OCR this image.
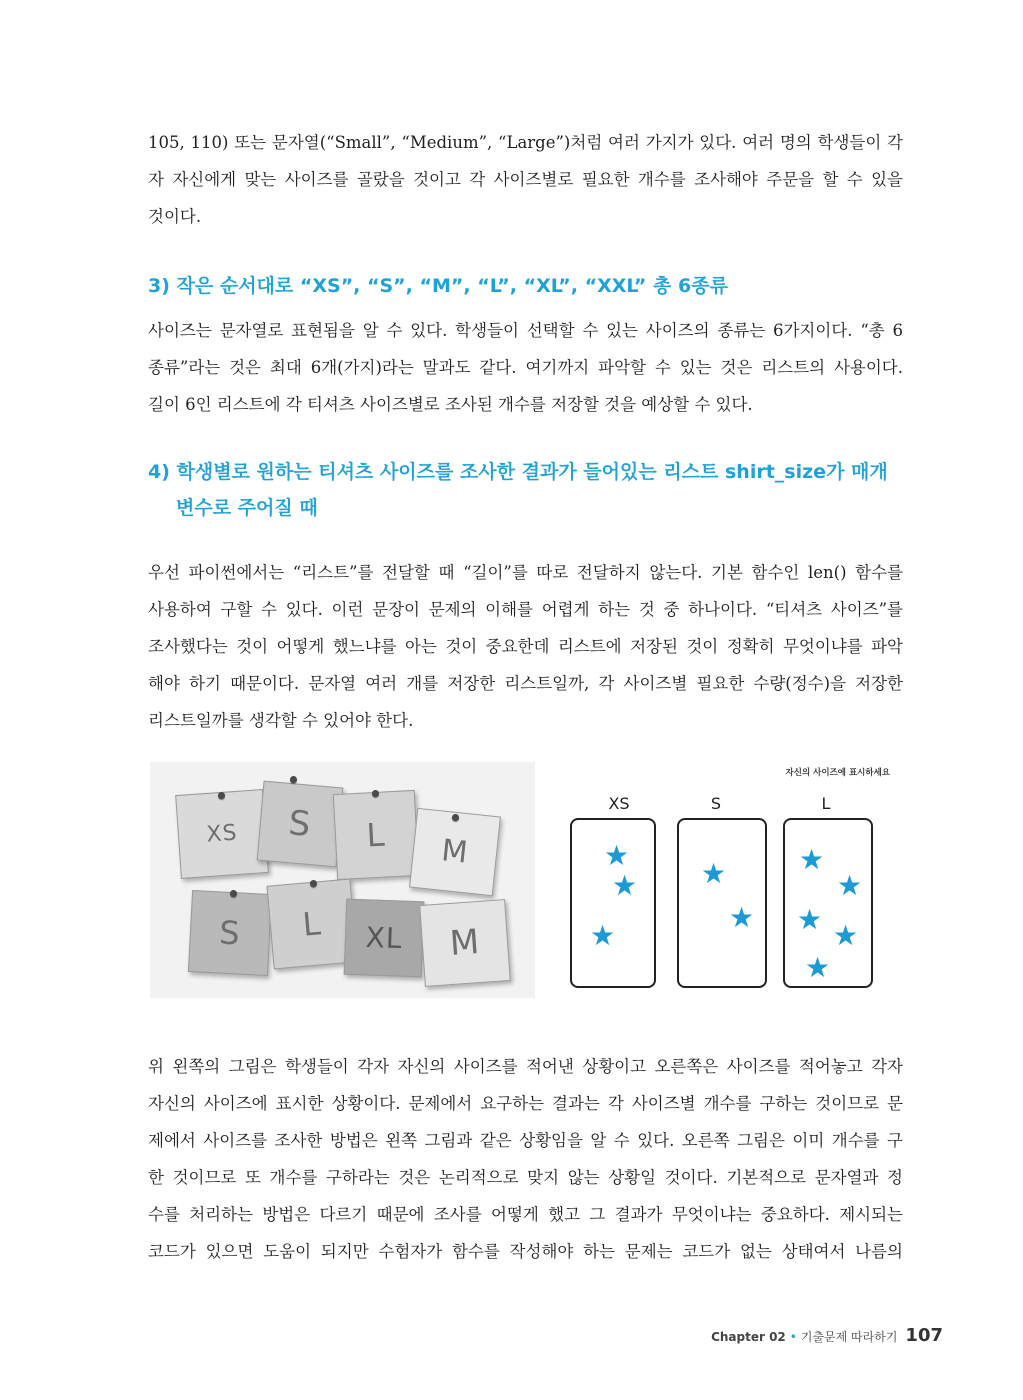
105, 110) 또는 문자열(“Small”, “Medium”, “Large”)처럼 여러 가지가 있다. 여러 명의 학생들이 각
자 자신에게 맞는 사이즈를 골랐을 것이고 각 사이즈별로 필요한 개수를 조사해야 주문을 할 수 있을
것이다.
3) 작은 순서대로 “XS”, “S”, “M”, “L”, “XL”, “XXL” 총 6종류
사이즈는 문자열로 표현됨을 알 수 있다. 학생들이 선택할 수 있는 사이즈의 종류는 6가지이다. “총 6
종류”라는 것은 최대 6개(가지)라는 말과도 같다. 여기까지 파악할 수 있는 것은 리스트의 사용이다.
길이 6인 리스트에 각 티셔츠 사이즈별로 조사된 개수를 저장할 것을 예상할 수 있다.
4) 학생별로 원하는 티셔츠 사이즈를 조사한 결과가 들어있는 리스트 shirt_size가 매개
변수로 주어질 때
우선 파이썬에서는 “리스트”를 전달할 때 “길이”를 따로 전달하지 않는다. 기본 함수인 len() 함수를
사용하여 구할 수 있다. 이런 문장이 문제의 이해를 어렵게 하는 것 중 하나이다. “티셔츠 사이즈”를
조사했다는 것이 어떻게 했느냐를 아는 것이 중요한데 리스트에 저장된 것이 정확히 무엇이냐를 파악
해야 하기 때문이다. 문자열 여러 개를 저장한 리스트일까, 각 사이즈별 필요한 수량(정수)을 저장한
리스트일까를 생각할 수 있어야 한다.
XS	S	L	M
S	L	XL	M
자신의 사이즈에 표시하세요
XS	S	L
★
★
★
★
★
★
★
★ ★
★
위 왼쪽의 그림은 학생들이 각자 자신의 사이즈를 적어낸 상황이고 오른쪽은 사이즈를 적어놓고 각자
자신의 사이즈에 표시한 상황이다. 문제에서 요구하는 결과는 각 사이즈별 개수를 구하는 것이므로 문
제에서 사이즈를 조사한 방법은 왼쪽 그림과 같은 상황임을 알 수 있다. 오른쪽 그림은 이미 개수를 구
한 것이므로 또 개수를 구하라는 것은 논리적으로 맞지 않는 상황일 것이다. 기본적으로 문자열과 정
수를 처리하는 방법은 다르기 때문에 조사를 어떻게 했고 그 결과가 무엇이냐는 중요하다. 제시되는
코드가 있으면 도움이 되지만 수험자가 함수를 작성해야 하는 문제는 코드가 없는 상태여서 나름의
Chapter 02 • 기출문제 따라하기 107
